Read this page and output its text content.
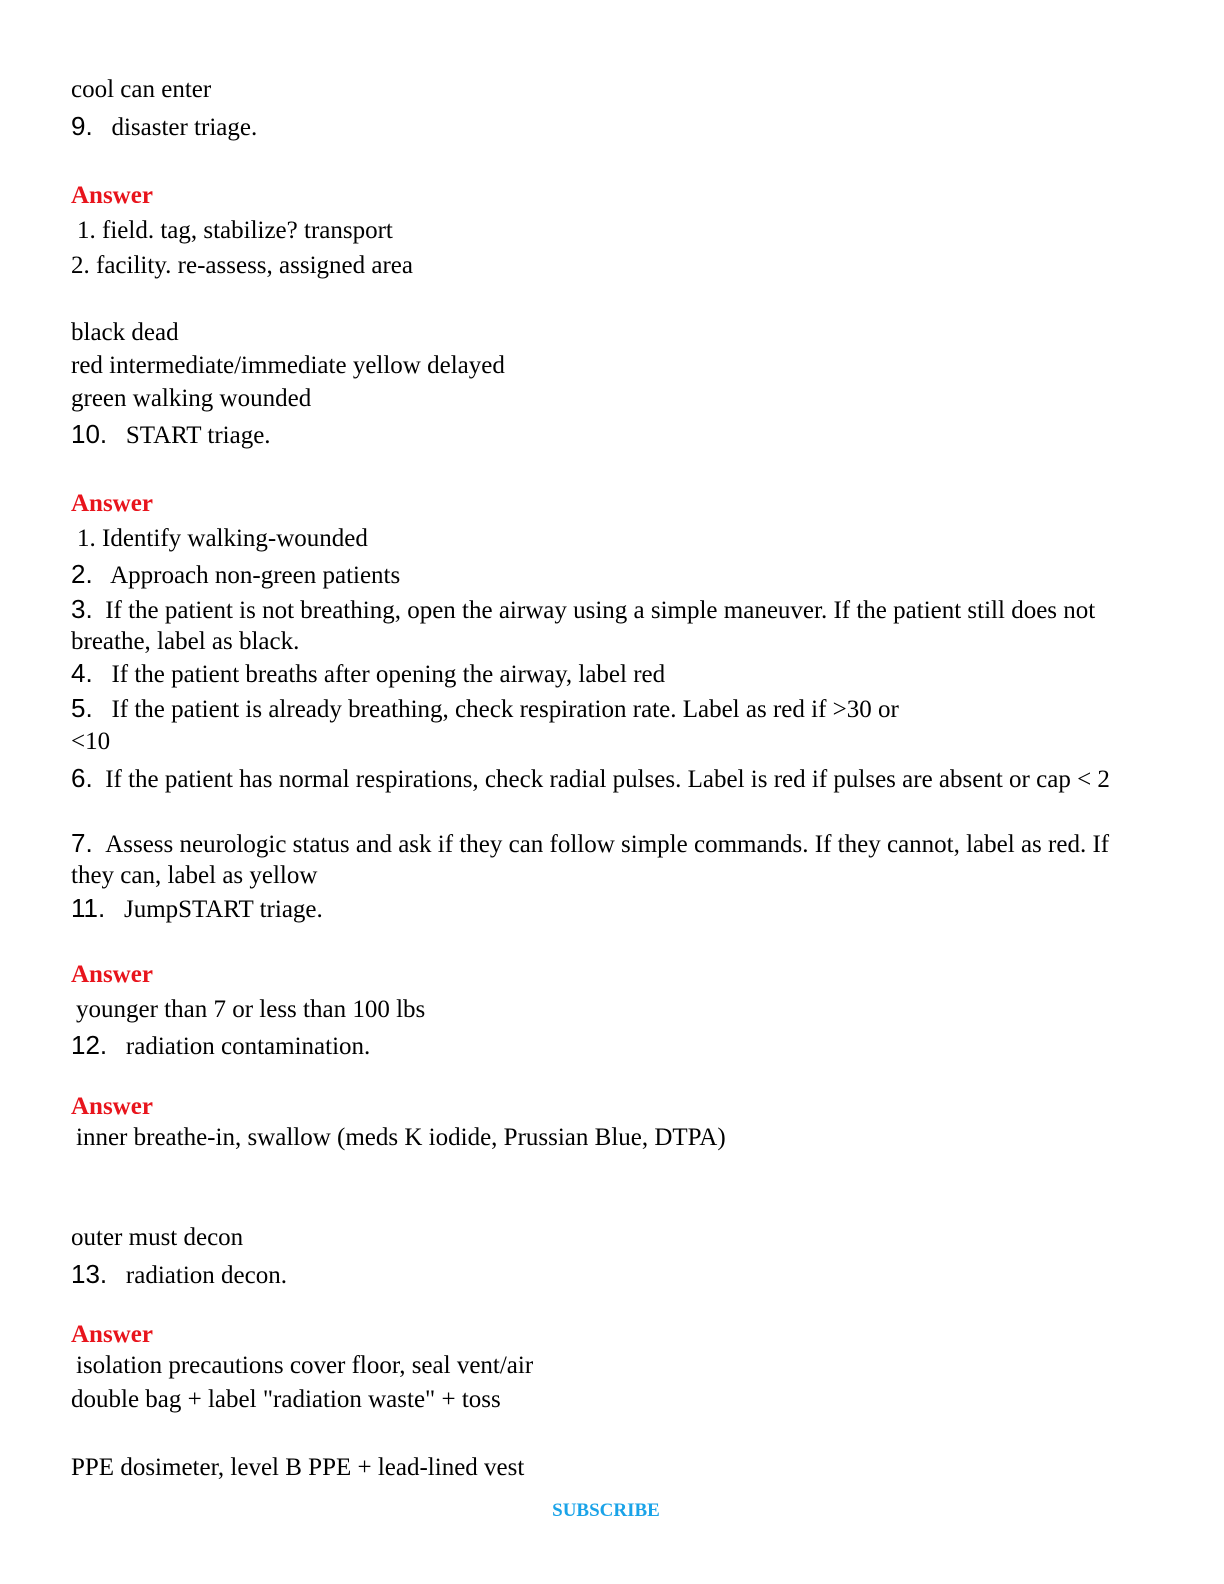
cool can enter
9. disaster triage.
Answer
1. field. tag, stabilize? transport
2. facility. re-assess, assigned area
black dead
red intermediate/immediate yellow delayed
green walking wounded
10. START triage.
Answer
1. Identify walking-wounded
2. Approach non-green patients
3. If the patient is not breathing, open the airway using a simple maneuver. If the patient still does not breathe, label as black.
4. If the patient breaths after opening the airway, label red
5. If the patient is already breathing, check respiration rate. Label as red if >30 or
<10
6. If the patient has normal respirations, check radial pulses. Label is red if pulses are absent or cap < 2
7. Assess neurologic status and ask if they can follow simple commands. If they cannot, label as red. If they can, label as yellow
11. JumpSTART triage.
Answer
younger than 7 or less than 100 lbs
12. radiation contamination.
Answer
inner breathe-in, swallow (meds K iodide, Prussian Blue, DTPA)
outer must decon
13. radiation decon.
Answer
isolation precautions cover floor, seal vent/air
double bag + label "radiation waste" + toss
PPE dosimeter, level B PPE + lead-lined vest
SUBSCRIBE
